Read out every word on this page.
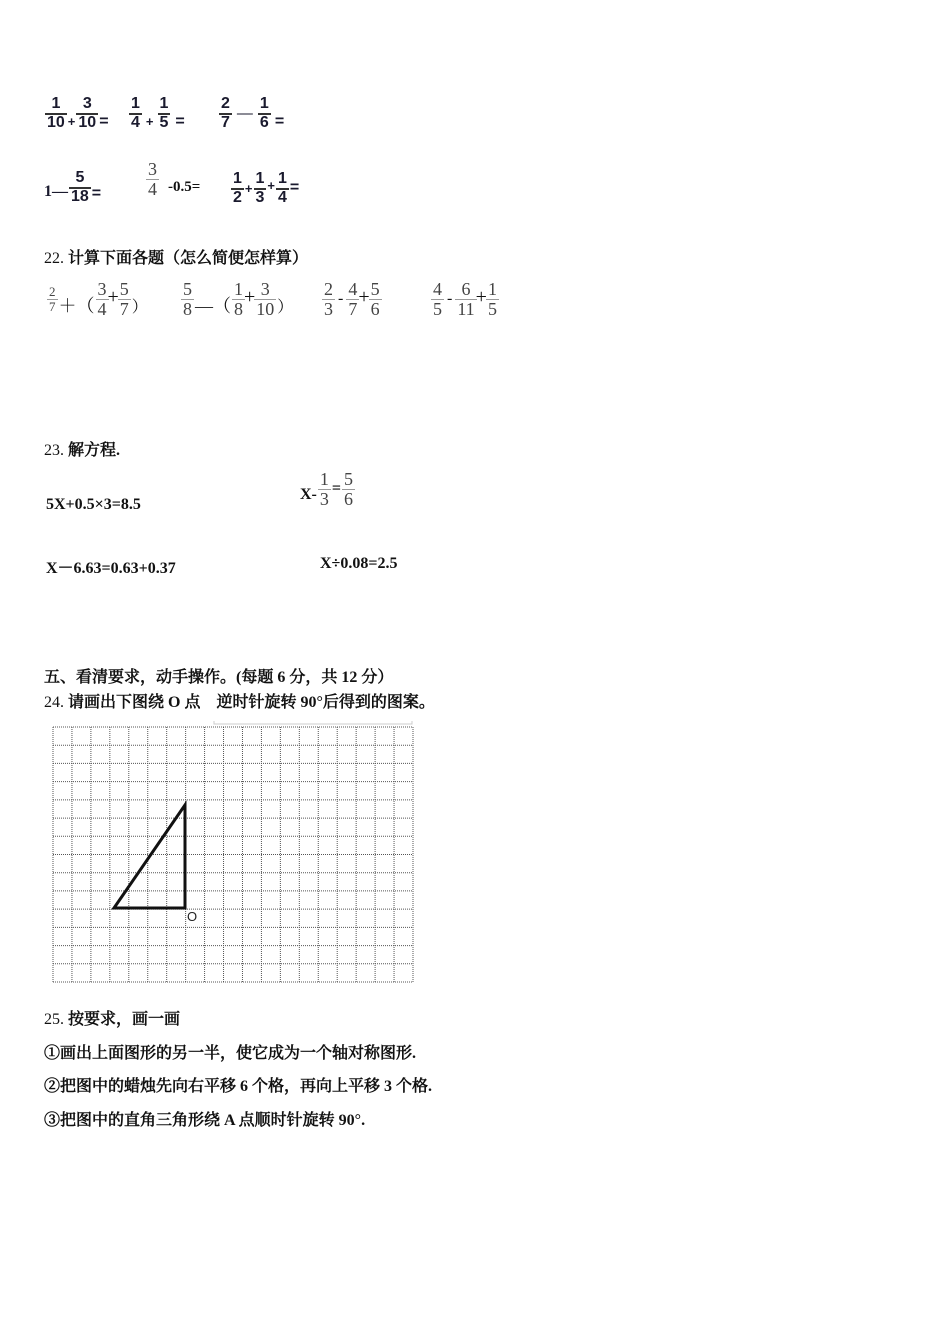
$\frac{1}{10} + \frac{3}{10} = \frac{1}{4} + \frac{1}{5} = \frac{2}{7}$ — $\frac{1}{6}$ =
1— $\frac{5}{18} = \frac{3}{4} -0.5= \frac{1}{2} + \frac{1}{3} + \frac{1}{4}$ =
22. 计算下面各题（怎么简便怎样算）
$\frac{2}{7}$ ＋（ $\frac{3}{4} + \frac{5}{7}$ ） $\frac{5}{8}$ —（ $\frac{1}{8} + \frac{3}{10}$ ） $\frac{2}{3} - \frac{4}{7} + \frac{5}{6}$	$\frac{4}{5} - \frac{6}{11} + \frac{1}{5}$
23. 解方程.
5X+0.5×3=8.5
$X- \frac{1}{3} = \frac{5}{6}$
X－6.63=0.63+0.37	X÷0.08=2.5
五、看清要求，动手操作。(每题 6 分，共 12 分）
24. 请画出下图绕 O 点　逆时针旋转 90°后得到的图案。
O
25. 按要求，画一画
①画出上面图形的另一半，使它成为一个轴对称图形.
②把图中的蜡烛先向右平移 6 个格，再向上平移 3 个格.
③把图中的直角三角形绕 A 点顺时针旋转 90°.
